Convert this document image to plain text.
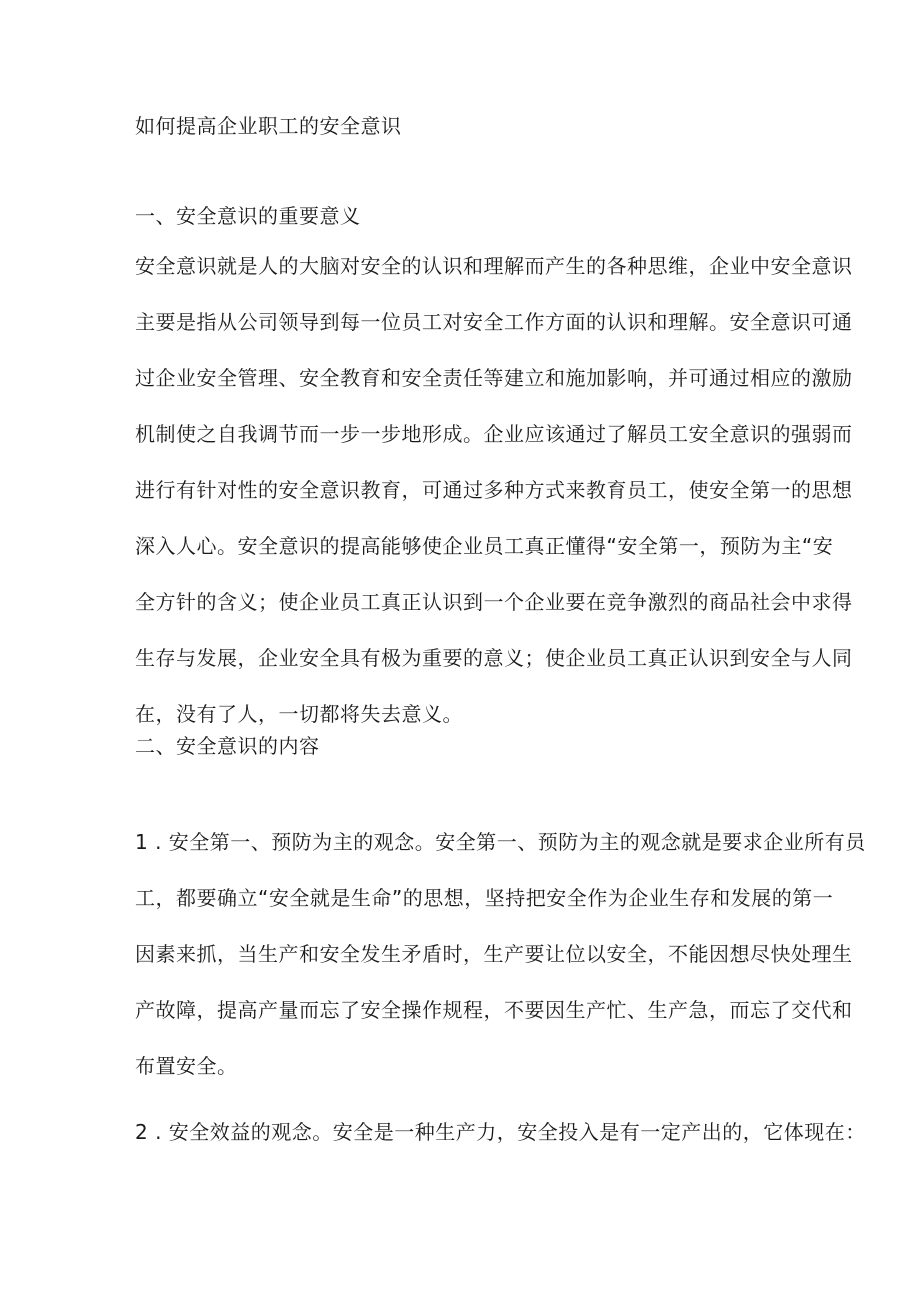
如何提高企业职工的安全意识
一、安全意识的重要意义
安全意识就是人的大脑对安全的认识和理解而产生的各种思维，企业中安全意识
主要是指从公司领导到每一位员工对安全工作方面的认识和理解。安全意识可通
过企业安全管理、安全教育和安全责任等建立和施加影响，并可通过相应的激励
机制使之自我调节而一步一步地形成。企业应该通过了解员工安全意识的强弱而
进行有针对性的安全意识教育，可通过多种方式来教育员工，使安全第一的思想
深入人心。安全意识的提高能够使企业员工真正懂得“安全第一，预防为主“安
全方针的含义；使企业员工真正认识到一个企业要在竞争激烈的商品社会中求得
生存与发展，企业安全具有极为重要的意义；使企业员工真正认识到安全与人同
在，没有了人，一切都将失去意义。
二、安全意识的内容
1 . 安全第一、预防为主的观念。安全第一、预防为主的观念就是要求企业所有员
工，都要确立“安全就是生命”的思想，坚持把安全作为企业生存和发展的第一
因素来抓，当生产和安全发生矛盾时，生产要让位以安全，不能因想尽快处理生
产故障，提高产量而忘了安全操作规程，不要因生产忙、生产急，而忘了交代和
布置安全。
2 . 安全效益的观念。安全是一种生产力，安全投入是有一定产出的，它体现在：
